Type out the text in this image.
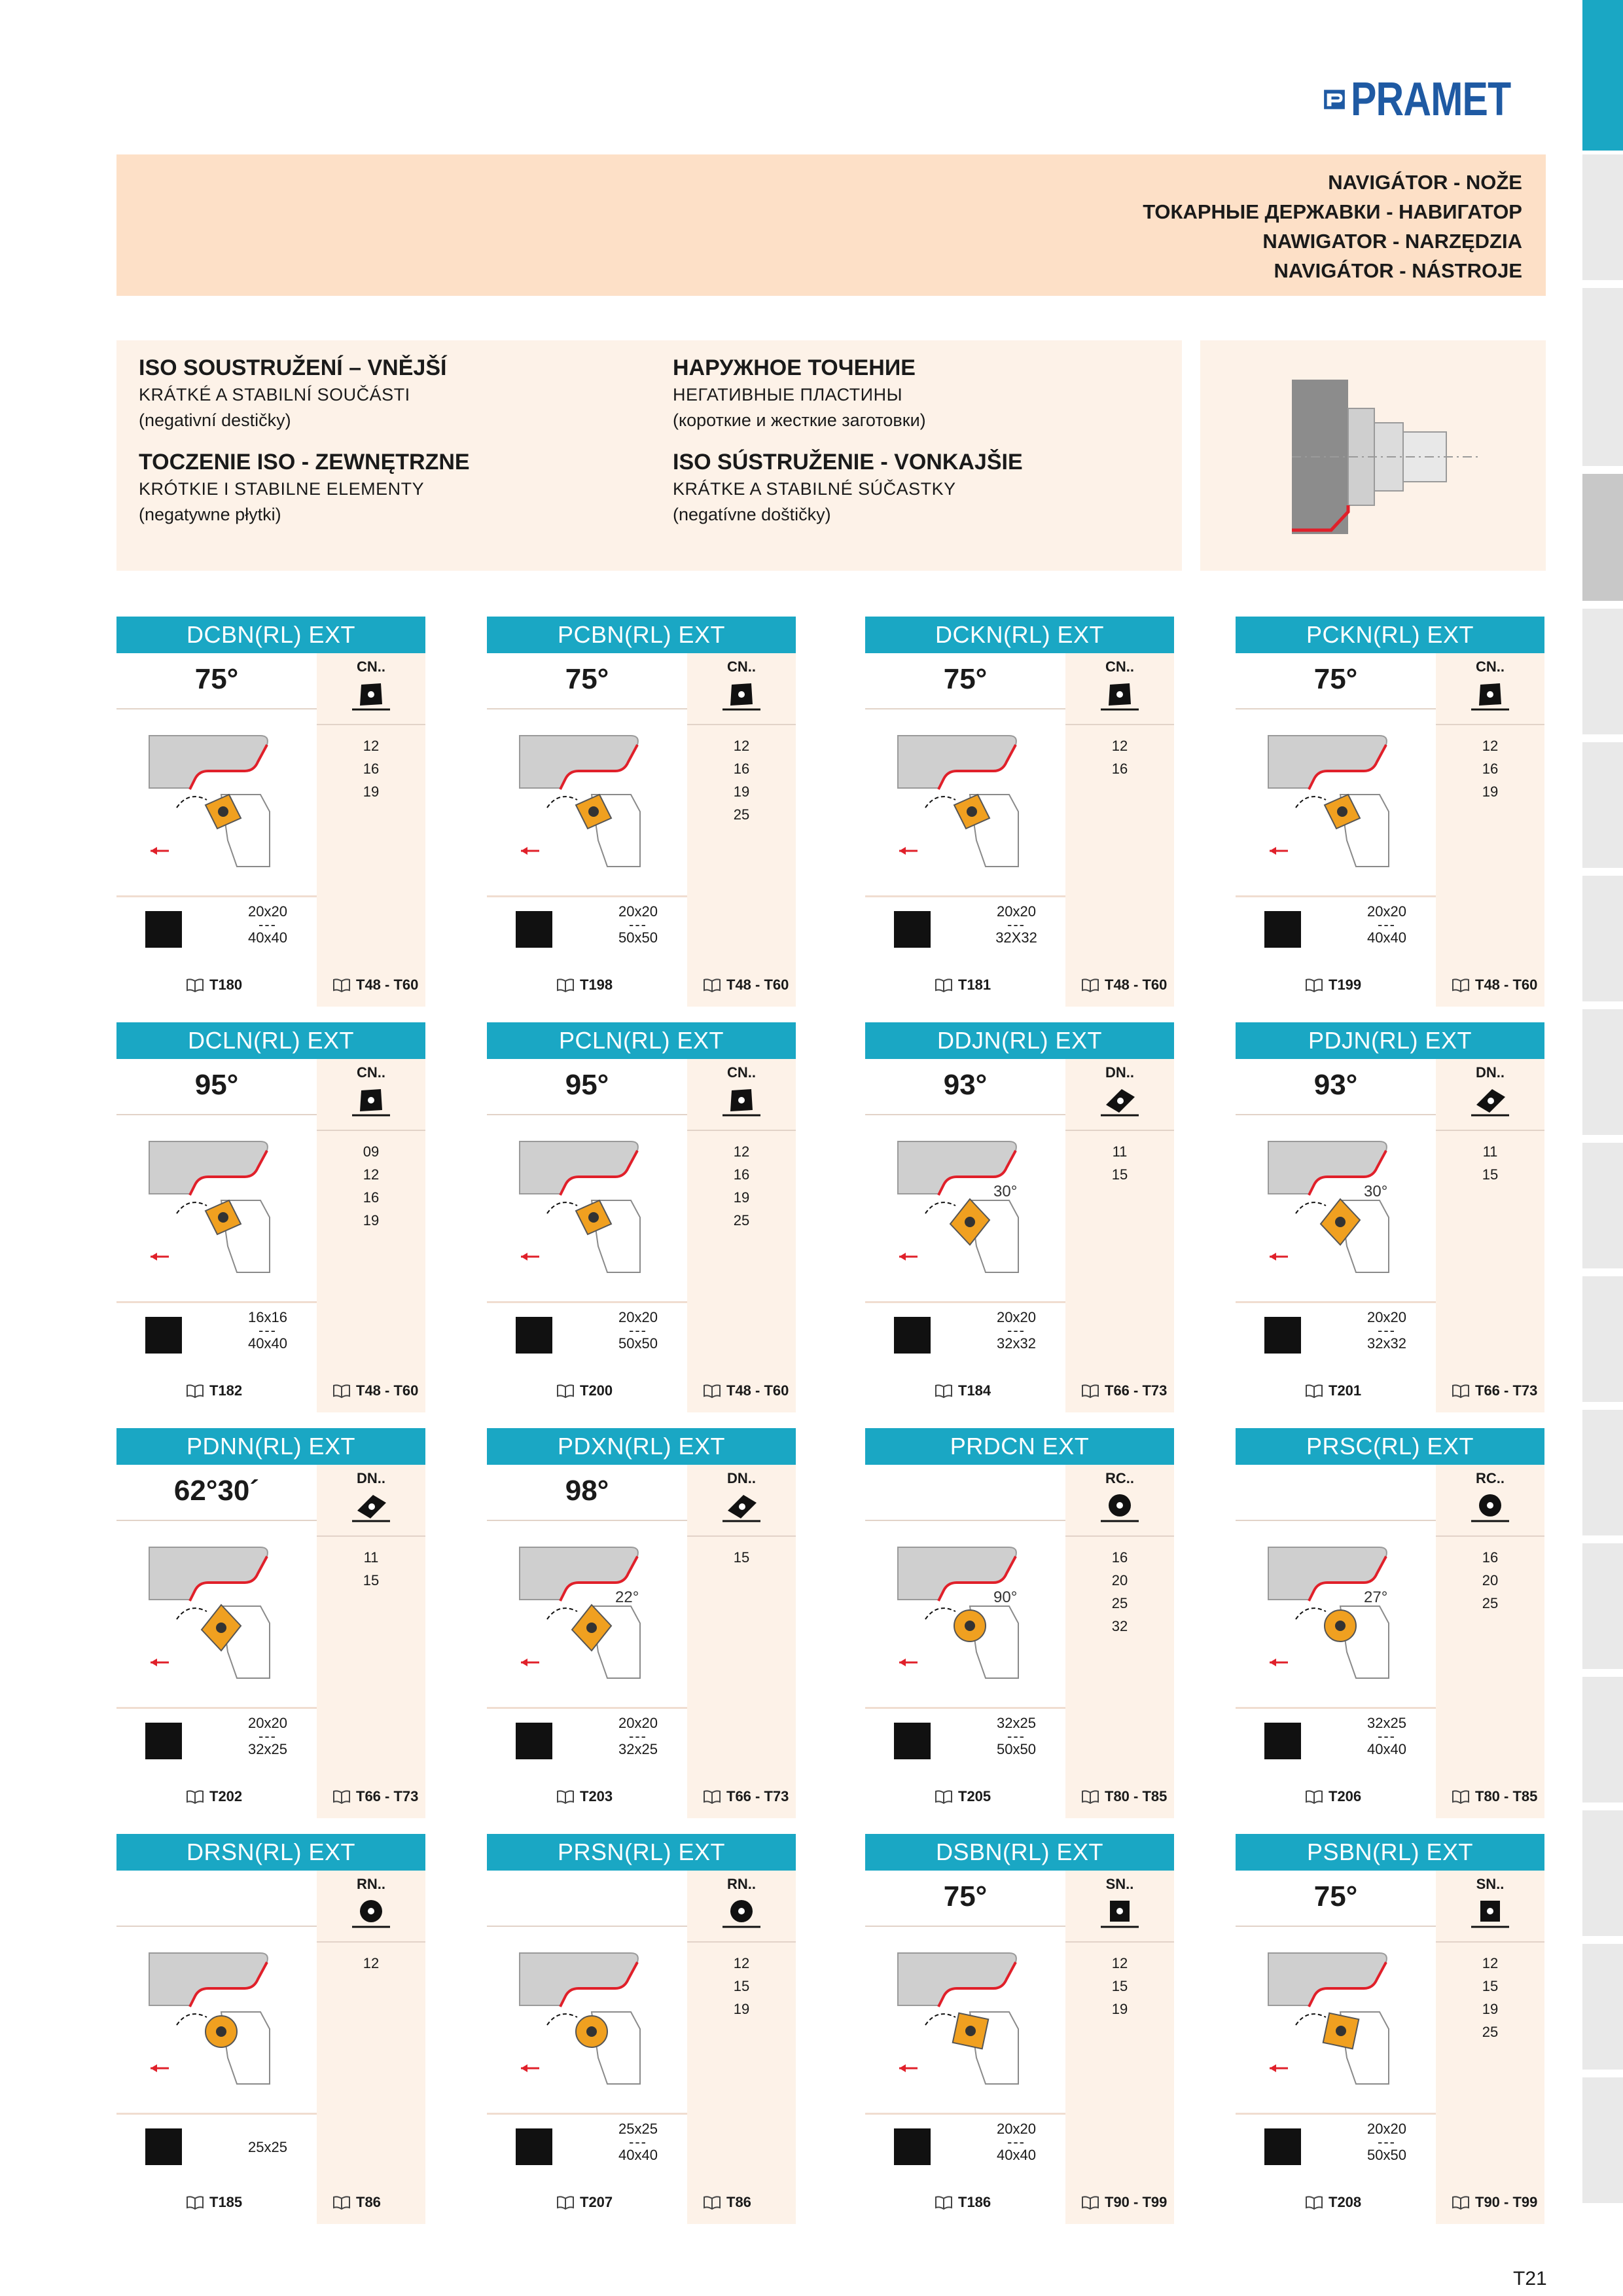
PRAMET
NAVIGÁTOR - NOŽE
ТОКАРНЫЕ ДЕРЖАВКИ - НАВИГАТОР
NAWIGATOR - NARZĘDZIA
NAVIGÁTOR - NÁSTROJE
ISO SOUSTRUŽENÍ – VNĚJŠÍ
KRÁTKÉ A STABILNÍ SOUČÁSTI
(negativní destičky)
TOCZENIE ISO - ZEWNĘTRZNE
KRÓTKIE I STABILNE ELEMENTY
(negatywne płytki)
НАРУЖНОЕ ТОЧЕНИЕ
НЕГАТИВНЫЕ ПЛАСТИНЫ
(короткие и жесткие заготовки)
ISO SÚSTRUŽENIE - VONKAJŠIE
KRÁTKE A STABILNÉ SÚČASTKY
(negatívne doštičky)
DCBN(RL) EXT
75°	CN..
12
16
19
20x20
---
40x40
T180	T48 - T60
PCBN(RL) EXT
75°	CN..
12
16
19
25
20x20
---
50x50
T198	T48 - T60
DCKN(RL) EXT
75°	CN..
12
16
20x20
---
32X32
T181	T48 - T60
PCKN(RL) EXT
75°	CN..
12
16
19
20x20
---
40x40
T199	T48 - T60
DCLN(RL) EXT
95°	CN..
09
12
16
19
16x16
---
40x40
T182	T48 - T60
PCLN(RL) EXT
95°	CN..
12
16
19
25
20x20
---
50x50
T200	T48 - T60
DDJN(RL) EXT
93°
30°
DN..
11
15
20x20
---
32x32
T184	T66 - T73
PDJN(RL) EXT
93°
30°
DN..
11
15
20x20
---
32x32
T201	T66 - T73
PDNN(RL) EXT
62°30´	DN..
11
15
20x20
---
32x25
T202	T66 - T73
PDXN(RL) EXT
98°
22°
DN..
15
20x20
---
32x25
T203	T66 - T73
PRDCN EXT
90°
RC..
16
20
25
32
32x25
---
50x50
T205	T80 - T85
PRSC(RL) EXT
27°
RC..
16
20
25
32x25
---
40x40
T206	T80 - T85
DRSN(RL) EXT
RN..
12
25x25
T185	T86
PRSN(RL) EXT
RN..
12
15
19
25x25
---
40x40
T207	T86
DSBN(RL) EXT
75°	SN..
12
15
19
20x20
---
40x40
T186	T90 - T99
PSBN(RL) EXT
75°	SN..
12
15
19
25
20x20
---
50x50
T208	T90 - T99
T21
